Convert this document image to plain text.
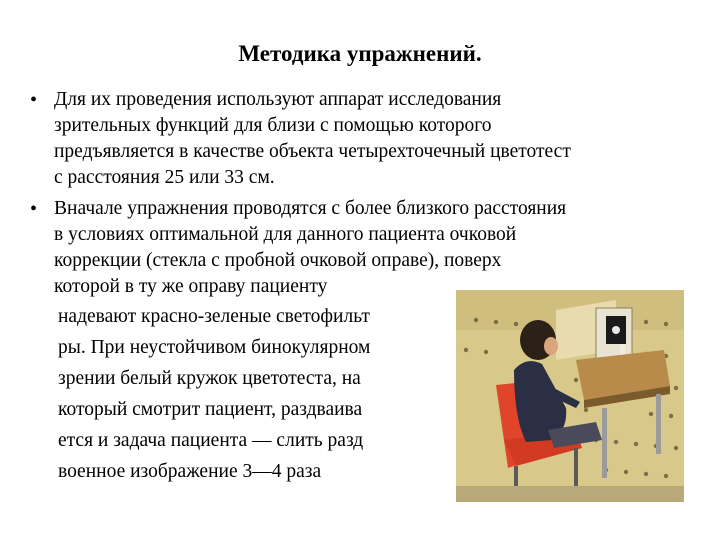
Методика упражнений.
• Для их проведения используют аппарат исследования
зрительных функций для близи с помощью которого
предъявляется в качестве объекта четырехточечный цветотест
с расстояния 25 или 33 см.
• Вначале упражнения проводятся с более близкого расстояния
в условиях оптимальной для данного пациента очковой
коррекции (стекла с пробной очковой оправе), поверх
которой в ту же оправу пациенту
надевают красно-зеленые светофильт
ры. При неустойчивом бинокулярном
зрении белый кружок цветотеста, на
который смотрит пациент, раздваива
ется и задача пациента — слить разд
военное изображение 3—4 раза
